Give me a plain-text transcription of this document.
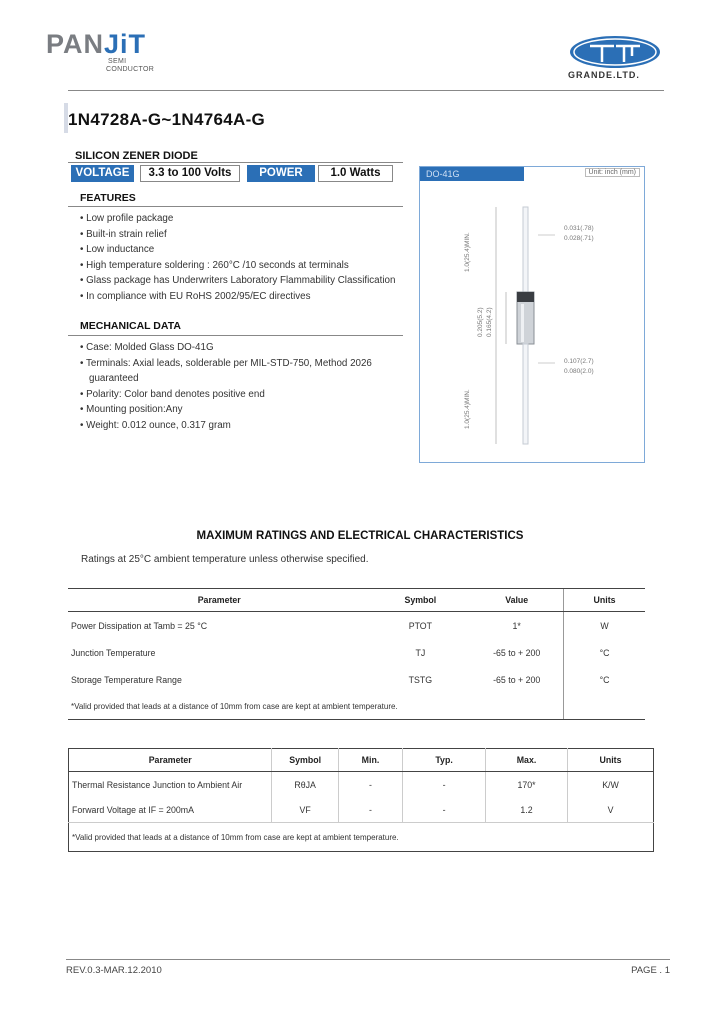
PANJiT
SEMI
CONDUCTOR
GRANDE.LTD.
1N4728A-G~1N4764A-G
SILICON ZENER DIODE
VOLTAGE	3.3 to 100 Volts	POWER	1.0 Watts
FEATURES
• Low profile package
• Built-in strain relief
• Low inductance
• High temperature soldering : 260°C /10 seconds at terminals
• Glass package has Underwriters Laboratory Flammability Classification
• In compliance with EU RoHS 2002/95/EC directives
MECHANICAL DATA
• Case: Molded Glass DO-41G
• Terminals: Axial leads, solderable per MIL-STD-750, Method 2026 guaranteed
• Polarity: Color band denotes positive end
• Mounting position:Any
• Weight: 0.012 ounce, 0.317 gram
DO-41G	Unit: inch (mm)
0.031(.78)
0.028(.71)
0.107(2.7)
0.080(2.0)
1.0(25.4)MIN.
0.205(5.2) 0.165(4.2)
1.0(25.4)MIN.
MAXIMUM RATINGS AND ELECTRICAL CHARACTERISTICS
Ratings at 25°C ambient temperature unless otherwise specified.
Parameter	Symbol	Value	Units
Power Dissipation at Tamb = 25 °C	PTOT	1*	W
Junction Temperature	TJ	-65 to + 200	°C
Storage Temperature Range	TSTG	-65 to + 200	°C
*Valid provided that leads at a distance of 10mm from case are kept at ambient temperature.			
Parameter	Symbol	Min.	Typ.	Max.	Units
Thermal Resistance Junction to Ambient Air	RθJA	-	-	170*	K/W
Forward Voltage at IF = 200mA	VF	-	-	1.2	V
*Valid provided that leads at a distance of 10mm from case are kept at ambient temperature.					
REV.0.3-MAR.12.2010	PAGE . 1
